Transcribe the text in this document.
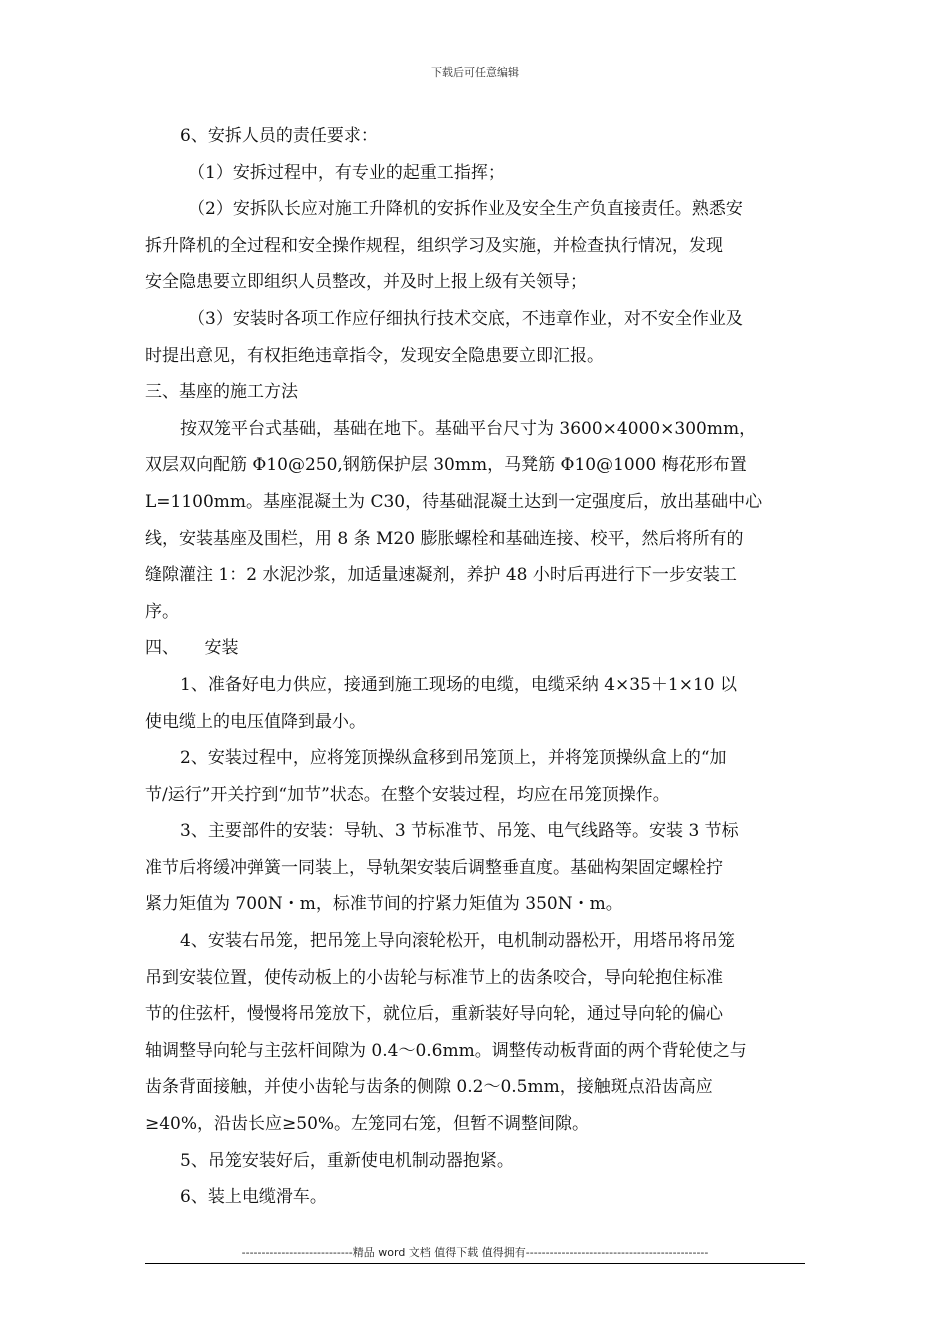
下载后可任意编辑
6、安拆人员的责任要求：
（1）安拆过程中，有专业的起重工指挥；
（2）安拆队长应对施工升降机的安拆作业及安全生产负直接责任。熟悉安
拆升降机的全过程和安全操作规程，组织学习及实施，并检查执行情况，发现
安全隐患要立即组织人员整改，并及时上报上级有关领导；
（3）安装时各项工作应仔细执行技术交底，不违章作业，对不安全作业及
时提出意见，有权拒绝违章指令，发现安全隐患要立即汇报。
三、基座的施工方法
按双笼平台式基础，基础在地下。基础平台尺寸为 3600×4000×300mm，
双层双向配筋 Φ10@250,钢筋保护层 30mm，马凳筋 Φ10@1000 梅花形布置
L=1100mm。基座混凝土为 C30，待基础混凝土达到一定强度后，放出基础中心
线，安装基座及围栏，用 8 条 M20 膨胀螺栓和基础连接、校平，然后将所有的
缝隙灌注 1：2 水泥沙浆，加适量速凝剂，养护 48 小时后再进行下一步安装工
序。
四、　　安装
1、准备好电力供应，接通到施工现场的电缆，电缆采纳 4×35＋1×10 以
使电缆上的电压值降到最小。
2、安装过程中，应将笼顶操纵盒移到吊笼顶上，并将笼顶操纵盒上的“加
节/运行”开关拧到“加节”状态。在整个安装过程，均应在吊笼顶操作。
3、主要部件的安装：导轨、3 节标准节、吊笼、电气线路等。安装 3 节标
准节后将缓冲弹簧一同装上，导轨架安装后调整垂直度。基础构架固定螺栓拧
紧力矩值为 700N・m，标准节间的拧紧力矩值为 350N・m。
4、安装右吊笼，把吊笼上导向滚轮松开，电机制动器松开，用塔吊将吊笼
吊到安装位置，使传动板上的小齿轮与标准节上的齿条咬合，导向轮抱住标准
节的住弦杆，慢慢将吊笼放下，就位后，重新装好导向轮，通过导向轮的偏心
轴调整导向轮与主弦杆间隙为 0.4～0.6mm。调整传动板背面的两个背轮使之与
齿条背面接触，并使小齿轮与齿条的侧隙 0.2～0.5mm，接触斑点沿齿高应
≥40%，沿齿长应≥50%。左笼同右笼，但暂不调整间隙。
5、吊笼安装好后，重新使电机制动器抱紧。
6、装上电缆滑车。
----------------------------精品 word 文档 值得下载 值得拥有----------------------------------------------
